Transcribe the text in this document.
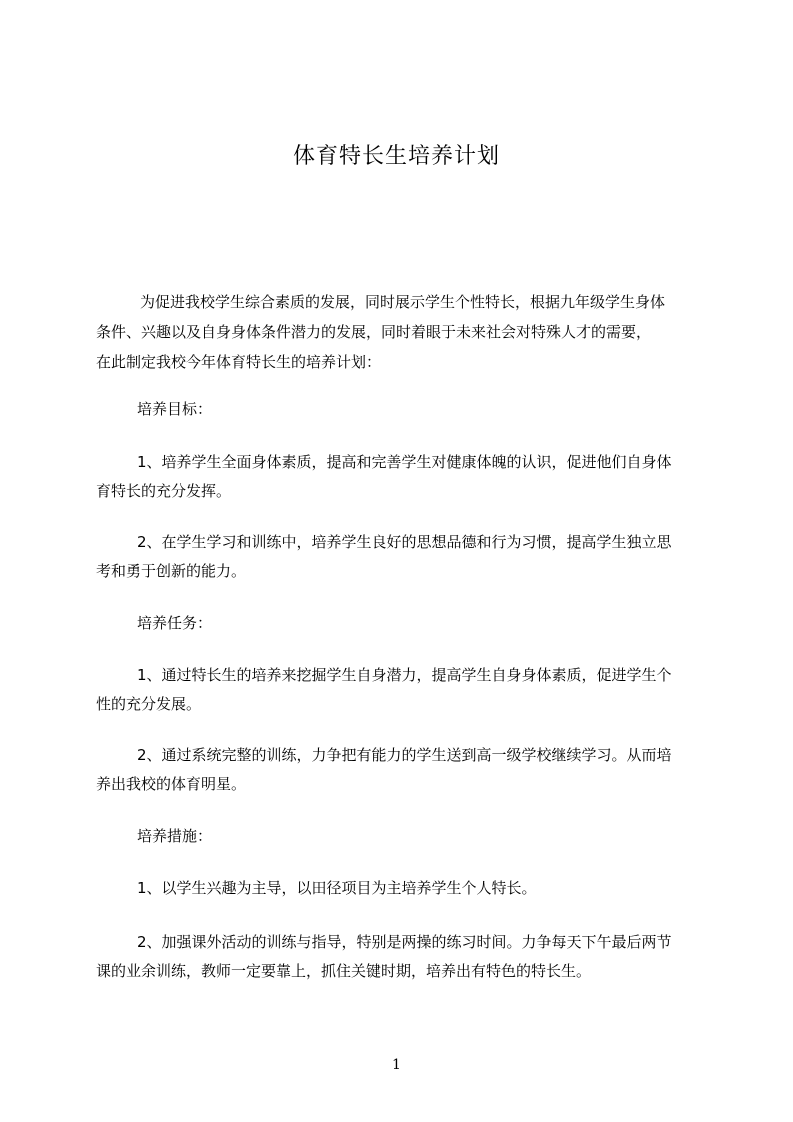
体育特长生培养计划
为促进我校学生综合素质的发展，同时展示学生个性特长，根据九年级学生身体
条件、兴趣以及自身身体条件潜力的发展，同时着眼于未来社会对特殊人才的需要，
在此制定我校今年体育特长生的培养计划：
培养目标：
1、培养学生全面身体素质，提高和完善学生对健康体魄的认识，促进他们自身体
育特长的充分发挥。
2、在学生学习和训练中，培养学生良好的思想品德和行为习惯，提高学生独立思
考和勇于创新的能力。
培养任务：
1、通过特长生的培养来挖掘学生自身潜力，提高学生自身身体素质，促进学生个
性的充分发展。
2、通过系统完整的训练，力争把有能力的学生送到高一级学校继续学习。从而培
养出我校的体育明星。
培养措施：
1、以学生兴趣为主导，以田径项目为主培养学生个人特长。
2、加强课外活动的训练与指导，特别是两操的练习时间。力争每天下午最后两节
课的业余训练，教师一定要靠上，抓住关键时期，培养出有特色的特长生。
1
